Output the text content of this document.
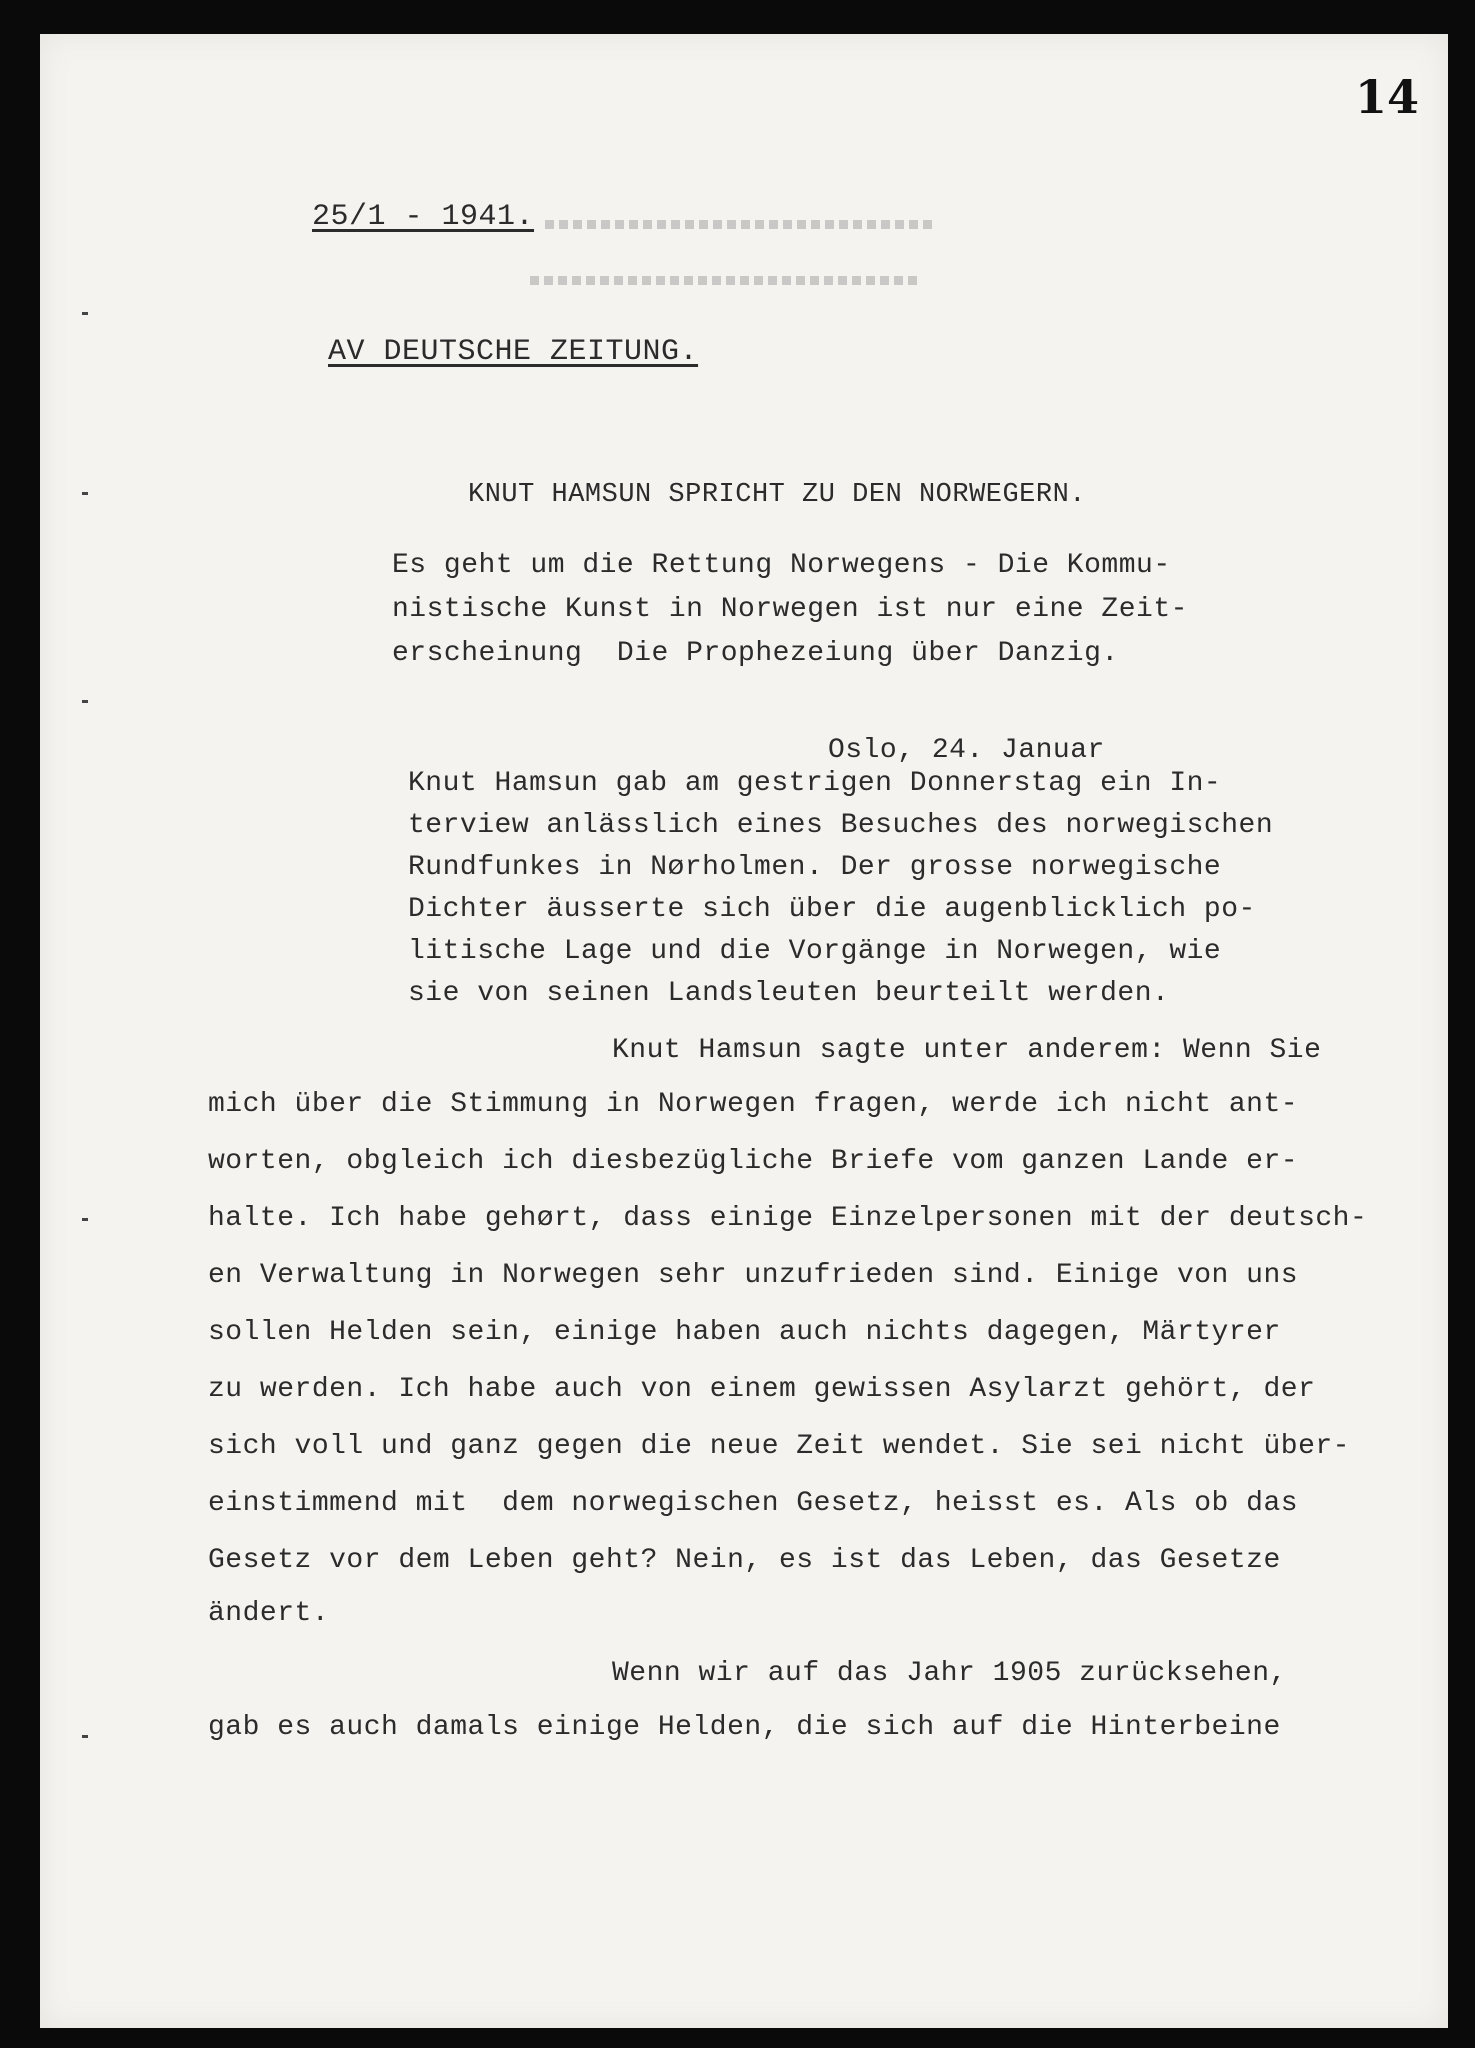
14
25/1 - 1941.
AV DEUTSCHE ZEITUNG.
KNUT HAMSUN SPRICHT ZU DEN NORWEGERN.
Es geht um die Rettung Norwegens - Die Kommu-
nistische Kunst in Norwegen ist nur eine Zeit-
erscheinung  Die Prophezeiung über Danzig.
Oslo, 24. Januar
Knut Hamsun gab am gestrigen Donnerstag ein In-
terview anlässlich eines Besuches des norwegischen
Rundfunkes in Nørholmen. Der grosse norwegische
Dichter äusserte sich über die augenblicklich po-
litische Lage und die Vorgänge in Norwegen, wie
sie von seinen Landsleuten beurteilt werden.
Knut Hamsun sagte unter anderem: Wenn Sie
mich über die Stimmung in Norwegen fragen, werde ich nicht ant-
worten, obgleich ich diesbezügliche Briefe vom ganzen Lande er-
halte. Ich habe gehørt, dass einige Einzelpersonen mit der deutsch-
en Verwaltung in Norwegen sehr unzufrieden sind. Einige von uns
sollen Helden sein, einige haben auch nichts dagegen, Märtyrer
zu werden. Ich habe auch von einem gewissen Asylarzt gehört, der
sich voll und ganz gegen die neue Zeit wendet. Sie sei nicht über-
einstimmend mit  dem norwegischen Gesetz, heisst es. Als ob das
Gesetz vor dem Leben geht? Nein, es ist das Leben, das Gesetze
ändert.
Wenn wir auf das Jahr 1905 zurücksehen,
gab es auch damals einige Helden, die sich auf die Hinterbeine
